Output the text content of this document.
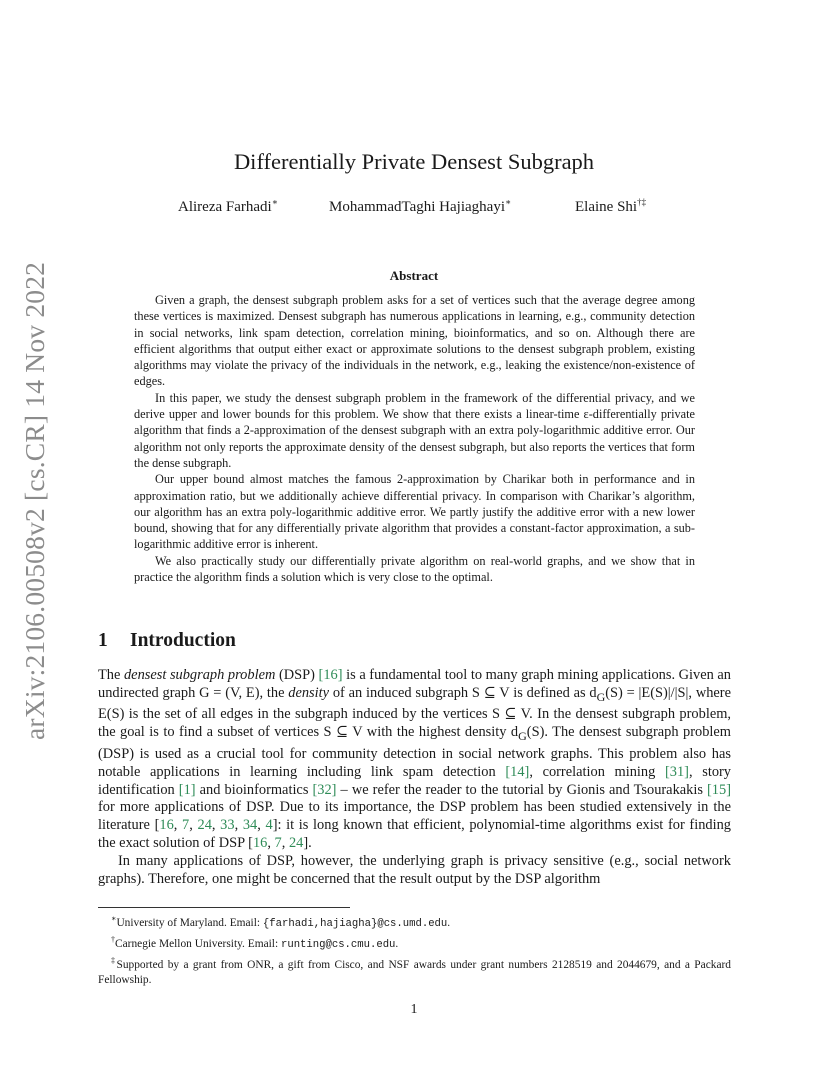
arXiv:2106.00508v2 [cs.CR] 14 Nov 2022
Differentially Private Densest Subgraph
Alireza Farhadi∗	MohammadTaghi Hajiaghayi∗	Elaine Shi†‡
Abstract

Given a graph, the densest subgraph problem asks for a set of vertices such that the average degree among these vertices is maximized. Densest subgraph has numerous applications in learning, e.g., community detection in social networks, link spam detection, correlation mining, bioinformatics, and so on. Although there are efficient algorithms that output either exact or approximate solutions to the densest subgraph problem, existing algorithms may violate the privacy of the individuals in the network, e.g., leaking the existence/non-existence of edges.

In this paper, we study the densest subgraph problem in the framework of the differential privacy, and we derive upper and lower bounds for this problem. We show that there exists a linear-time ε-differentially private algorithm that finds a 2-approximation of the densest subgraph with an extra poly-logarithmic additive error. Our algorithm not only reports the approximate density of the densest subgraph, but also reports the vertices that form the dense subgraph.

Our upper bound almost matches the famous 2-approximation by Charikar both in performance and in approximation ratio, but we additionally achieve differential privacy. In comparison with Charikar’s algorithm, our algorithm has an extra poly-logarithmic additive error. We partly justify the additive error with a new lower bound, showing that for any differentially private algorithm that provides a constant-factor approximation, a sub-logarithmic additive error is inherent.

We also practically study our differentially private algorithm on real-world graphs, and we show that in practice the algorithm finds a solution which is very close to the optimal.

1 Introduction

The densest subgraph problem (DSP) [16] is a fundamental tool to many graph mining applications. Given an undirected graph G = (V, E), the density of an induced subgraph S ⊆ V is defined as $d_G(S) = |E(S)|/|S|$, where E(S) is the set of all edges in the subgraph induced by the vertices S ⊆ V. In the densest subgraph problem, the goal is to find a subset of vertices S ⊆ V with the highest density $d_G(S)$. The densest subgraph problem (DSP) is used as a crucial tool for community detection in social network graphs. This problem also has notable applications in learning including link spam detection [14], correlation mining [31], story identification [1] and bioinformatics [32] – we refer the reader to the tutorial by Gionis and Tsourakakis [15] for more applications of DSP. Due to its importance, the DSP problem has been studied extensively in the literature [16, 7, 24, 33, 34, 4]: it is long known that efficient, polynomial-time algorithms exist for finding the exact solution of DSP [16, 7, 24].

In many applications of DSP, however, the underlying graph is privacy sensitive (e.g., social network graphs). Therefore, one might be concerned that the result output by the DSP algorithm

∗University of Maryland. Email: {farhadi,hajiagha}@cs.umd.edu.

†Carnegie Mellon University. Email: runting@cs.cmu.edu.

‡Supported by a grant from ONR, a gift from Cisco, and NSF awards under grant numbers 2128519 and 2044679, and a Packard Fellowship.

1
